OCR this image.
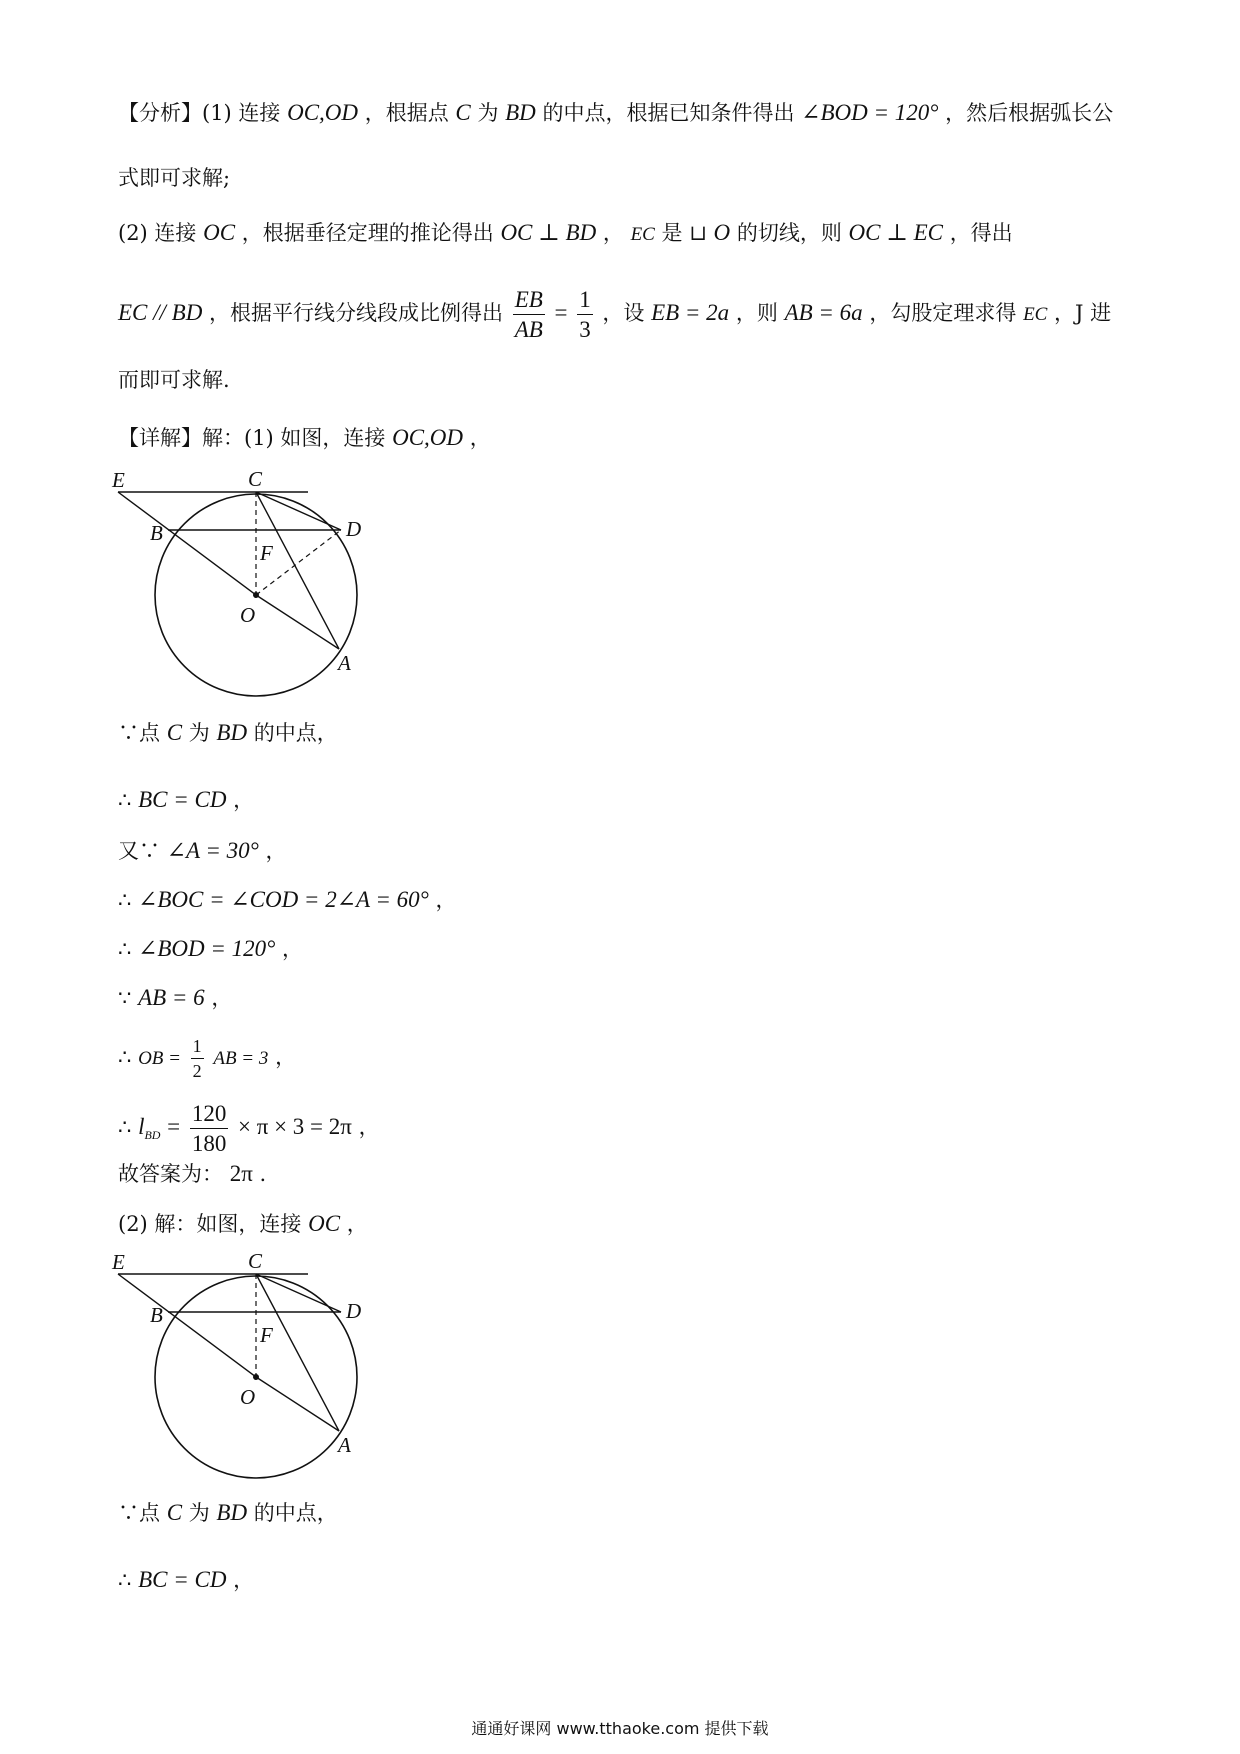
【分析】(1) 连接 OC,OD ，根据点 C 为 BD 的中点，根据已知条件得出 ∠BOD = 120° ，然后根据弧长公
式即可求解;
(2) 连接 OC ，根据垂径定理的推论得出 OC ⊥ BD ， EC 是 ⊔ O 的切线，则 OC ⊥ EC ，得出
EC // BD ，根据平行线分线段成比例得出 $\frac{EB}{AB} = \frac{1}{3}$ ，设 EB = 2a ，则 AB = 6a ，勾股定理求得 EC ，J 进
而即可求解.
【详解】解：(1) 如图，连接 OC,OD ，
E	C
D
B
F
O
A
∵点 C 为 BD 的中点，
∴ BC = CD ，
又∵ ∠A = 30° ，
∴ ∠BOC = ∠COD = 2∠A = 60° ，
∴ ∠BOD = 120° ，
∵ AB = 6 ，
∴ OB = $\frac{1}{2}$ AB = 3 ，
∴ $l_{BD} = \frac{120}{180} \times \pi \times 3 = 2\pi$ ，
故答案为： 2π .
(2) 解：如图，连接 OC ，
E	C
D
B
F
O
A
∵点 C 为 BD 的中点，
∴ BC = CD ，
通通好课网 www.tthaoke.com 提供下载
